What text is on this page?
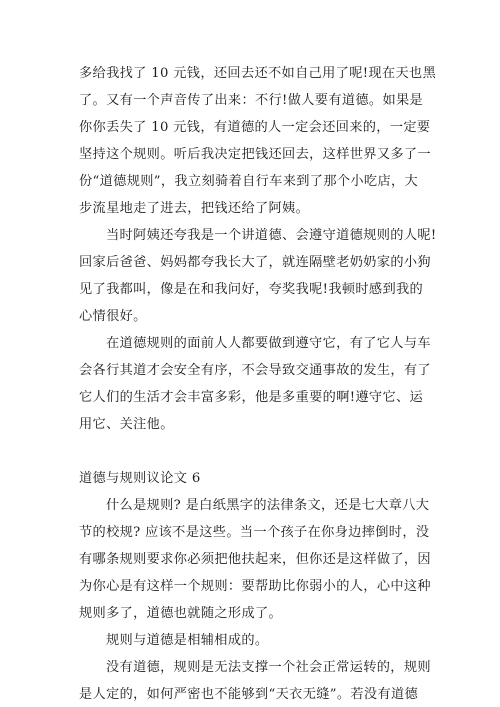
多给我找了 10 元钱，还回去还不如自己用了呢!现在天也黑
了。又有一个声音传了出来：不行!做人要有道德。如果是
你你丢失了 10 元钱，有道德的人一定会还回来的，一定要
坚持这个规则。听后我决定把钱还回去，这样世界又多了一
份“道德规则”，我立刻骑着自行车来到了那个小吃店，大
步流星地走了进去，把钱还给了阿姨。
当时阿姨还夸我是一个讲道德、会遵守道德规则的人呢!
回家后爸爸、妈妈都夸我长大了，就连隔壁老奶奶家的小狗
见了我都叫，像是在和我问好，夸奖我呢!我顿时感到我的
心情很好。
在道德规则的面前人人都要做到遵守它，有了它人与车
会各行其道才会安全有序，不会导致交通事故的发生，有了
它人们的生活才会丰富多彩，他是多重要的啊!遵守它、运
用它、关注他。
道德与规则议论文 6
什么是规则? 是白纸黑字的法律条文，还是七大章八大
节的校规? 应该不是这些。当一个孩子在你身边摔倒时，没
有哪条规则要求你必须把他扶起来，但你还是这样做了，因
为你心是有这样一个规则：要帮助比你弱小的人，心中这种
规则多了，道德也就随之形成了。
规则与道德是相辅相成的。
没有道德，规则是无法支撑一个社会正常运转的，规则
是人定的，如何严密也不能够到“天衣无缝”。若没有道德
